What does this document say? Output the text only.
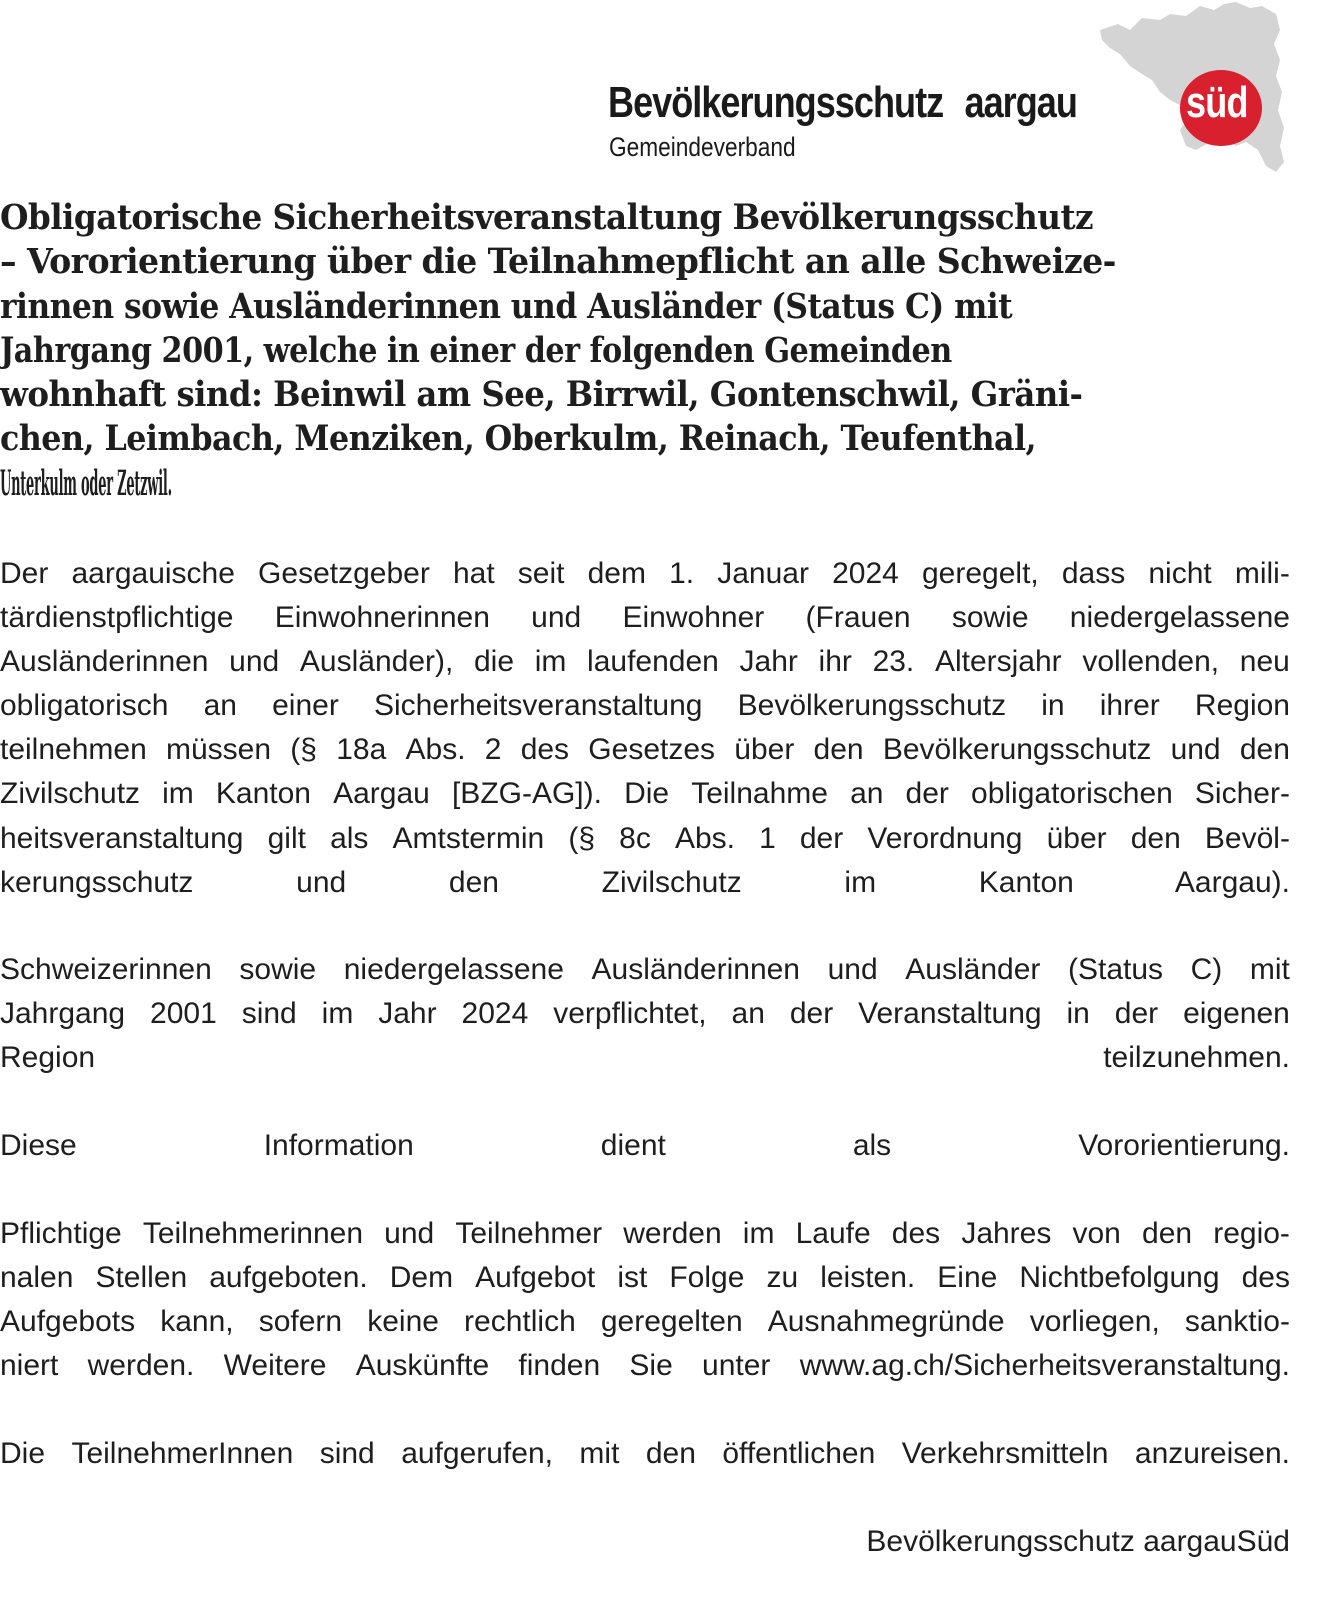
Bevölkerungsschutz aargau süd
Gemeindeverband
Obligatorische Sicherheitsveranstaltung Bevölkerungsschutz
– Vororientierung über die Teilnahmepflicht an alle Schweize-
rinnen sowie Ausländerinnen und Ausländer (Status C) mit
Jahrgang 2001, welche in einer der folgenden Gemeinden
wohnhaft sind: Beinwil am See, Birrwil, Gontenschwil, Gräni-
chen, Leimbach, Menziken, Oberkulm, Reinach, Teufenthal,
Unterkulm oder Zetzwil.
Der aargauische Gesetzgeber hat seit dem 1. Januar 2024 geregelt, dass nicht mili-
tärdienstpflichtige Einwohnerinnen und Einwohner (Frauen sowie niedergelassene
Ausländerinnen und Ausländer), die im laufenden Jahr ihr 23. Altersjahr vollenden, neu
obligatorisch an einer Sicherheitsveranstaltung Bevölkerungsschutz in ihrer Region
teilnehmen müssen (§ 18a Abs. 2 des Gesetzes über den Bevölkerungsschutz und den
Zivilschutz im Kanton Aargau [BZG-AG]). Die Teilnahme an der obligatorischen Sicher-
heitsveranstaltung gilt als Amtstermin (§ 8c Abs. 1 der Verordnung über den Bevöl-
kerungsschutz und den Zivilschutz im Kanton Aargau).
Schweizerinnen sowie niedergelassene Ausländerinnen und Ausländer (Status C) mit
Jahrgang 2001 sind im Jahr 2024 verpflichtet, an der Veranstaltung in der eigenen
Region teilzunehmen.
Diese Information dient als Vororientierung.
Pflichtige Teilnehmerinnen und Teilnehmer werden im Laufe des Jahres von den regio-
nalen Stellen aufgeboten. Dem Aufgebot ist Folge zu leisten. Eine Nichtbefolgung des
Aufgebots kann, sofern keine rechtlich geregelten Ausnahmegründe vorliegen, sanktio-
niert werden. Weitere Auskünfte finden Sie unter www.ag.ch/Sicherheitsveranstaltung.
Die TeilnehmerInnen sind aufgerufen, mit den öffentlichen Verkehrsmitteln anzureisen.
Bevölkerungsschutz aargauSüd
